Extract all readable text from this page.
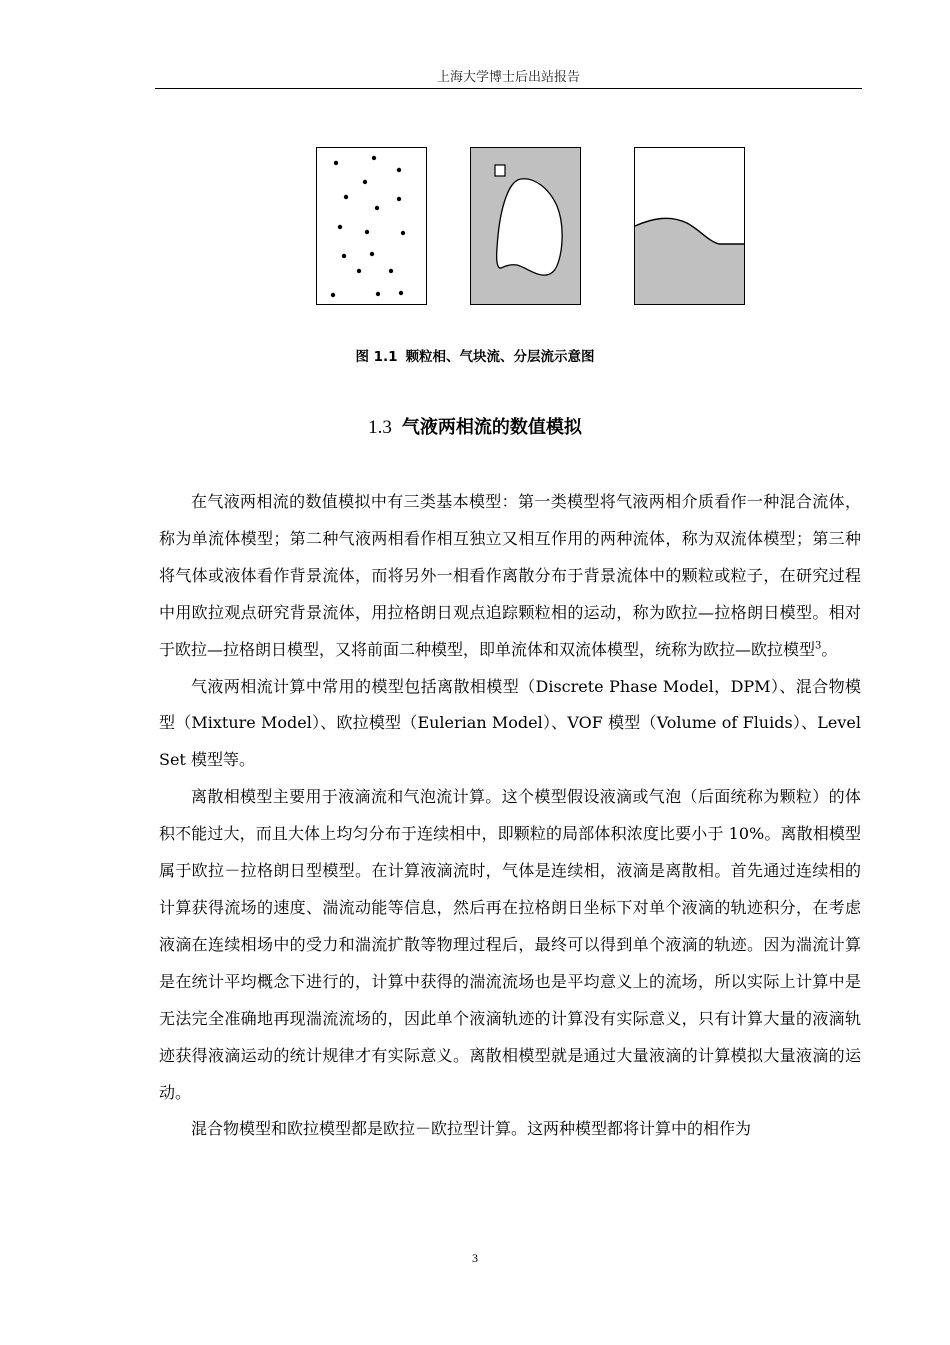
上海大学博士后出站报告
图 1.1 颗粒相、气块流、分层流示意图
1.3 气液两相流的数值模拟

在气液两相流的数值模拟中有三类基本模型：第一类模型将气液两相介质看作一种混合流体，称为单流体模型；第二种气液两相看作相互独立又相互作用的两种流体，称为双流体模型；第三种将气体或液体看作背景流体，而将另外一相看作离散分布于背景流体中的颗粒或粒子，在研究过程中用欧拉观点研究背景流体，用拉格朗日观点追踪颗粒相的运动，称为欧拉—拉格朗日模型。相对于欧拉—拉格朗日模型，又将前面二种模型，即单流体和双流体模型，统称为欧拉—欧拉模型$^3$。

气液两相流计算中常用的模型包括离散相模型（Discrete Phase Model，DPM）、混合物模型（Mixture Model）、欧拉模型（Eulerian Model）、VOF 模型（Volume of Fluids）、Level Set 模型等。

离散相模型主要用于液滴流和气泡流计算。这个模型假设液滴或气泡（后面统称为颗粒）的体积不能过大，而且大体上均匀分布于连续相中，即颗粒的局部体积浓度比要小于 10%。离散相模型属于欧拉－拉格朗日型模型。在计算液滴流时，气体是连续相，液滴是离散相。首先通过连续相的计算获得流场的速度、湍流动能等信息，然后再在拉格朗日坐标下对单个液滴的轨迹积分，在考虑液滴在连续相场中的受力和湍流扩散等物理过程后，最终可以得到单个液滴的轨迹。因为湍流计算是在统计平均概念下进行的，计算中获得的湍流流场也是平均意义上的流场，所以实际上计算中是无法完全准确地再现湍流流场的，因此单个液滴轨迹的计算没有实际意义，只有计算大量的液滴轨迹获得液滴运动的统计规律才有实际意义。离散相模型就是通过大量液滴的计算模拟大量液滴的运动。

混合物模型和欧拉模型都是欧拉－欧拉型计算。这两种模型都将计算中的相作为

3
